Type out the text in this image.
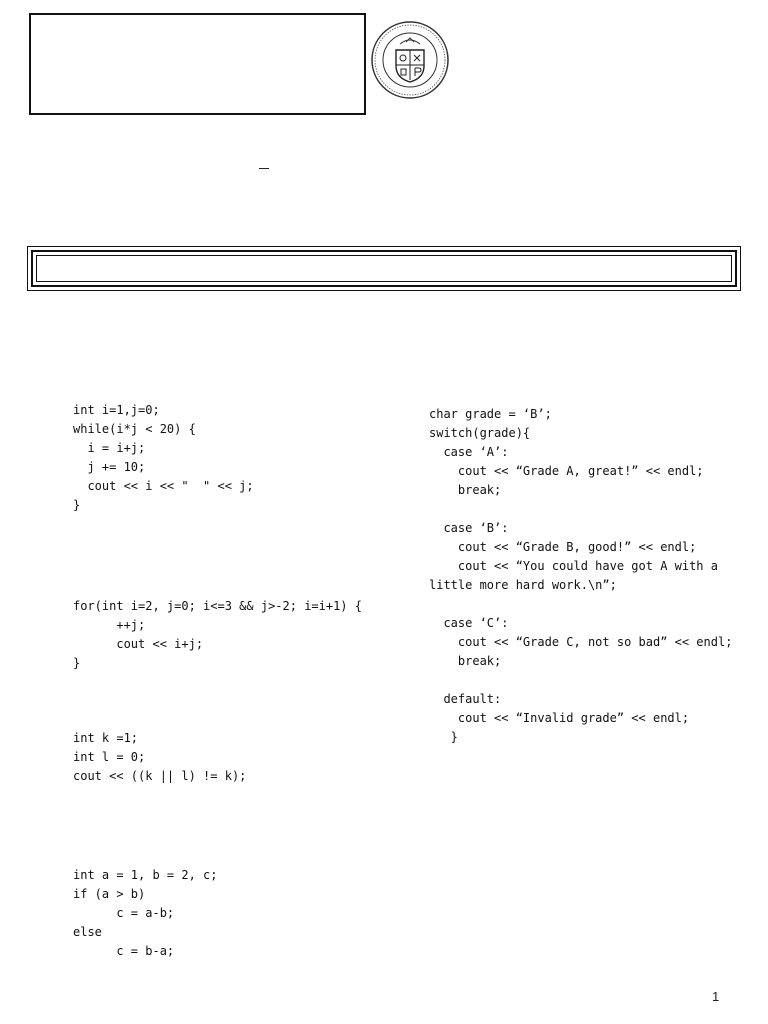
int i=1,j=0;
while(i*j < 20) {
i = i+j;
j += 10;
cout << i << "  " << j;
}
for(int i=2, j=0; i<=3 && j>-2; i=i+1) {
++j;
cout << i+j;
}
int k =1;
int l = 0;
cout << ((k || l) != k);
int a = 1, b = 2, c;
if (a > b)
c = a-b;
else
c = b-a;
char grade = ‘B’;
switch(grade){
case ‘A’:
cout << “Grade A, great!” << endl;
break;

case ‘B’:
cout << “Grade B, good!” << endl;
cout << “You could have got A with a
little more hard work.\n”;

case ‘C’:
cout << “Grade C, not so bad” << endl;
break;

default:
cout << “Invalid grade” << endl;
}
1
